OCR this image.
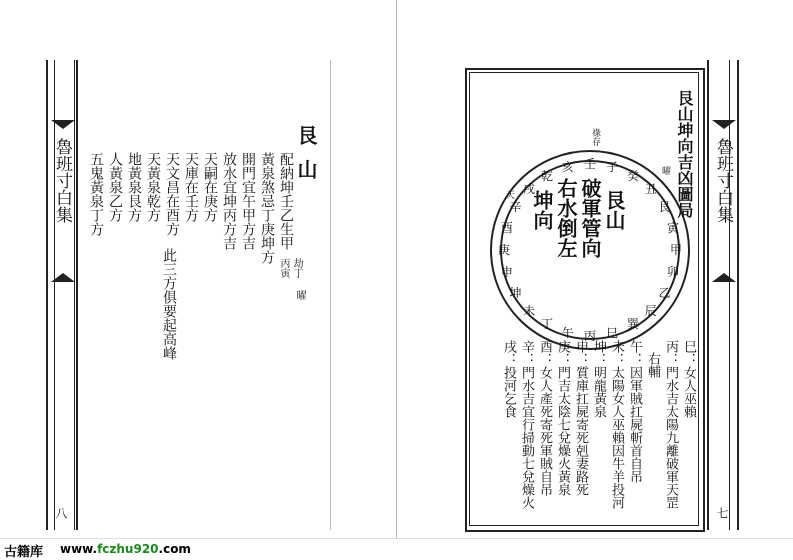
魯班寸白集
八
艮山
配納坤壬乙生甲
黃泉煞忌丁庚坤方
開門宜午甲方吉
放水宜坤丙方吉
天嗣在庚方
天庫在壬方
天文昌在酉方
天黃泉乾方
地黃泉艮方
人黃泉乙方
五鬼黃泉丁方
劫丁
丙寅
曜
此三方俱要起高峰
魯班寸白集
七
艮山坤向吉凶圖局
壬 子
癸
丑
艮
寅
甲
卯
乙
辰
巽
巳
丙
午
丁
未
坤
申
庚
酉
辛
戌
乾
亥
艮山
破軍管向
右水倒左
坤向
祿存
曜
天
巳：女人巫賴
丙：門水吉太陽九離破軍天罡
右輔
午：因軍賊扛屍斬首自吊
未：太陽女人巫賴因牛羊投河
坤：明龍黃泉
申：質庫扛屍寄死剋妻路死
庚：門吉太陰七兌燥火黃泉
酉：女人產死寄死軍賊自吊
辛：門水吉宜行掃動七兌燥火
戌：投河乞食
古籍库 www.fczhu920.com
